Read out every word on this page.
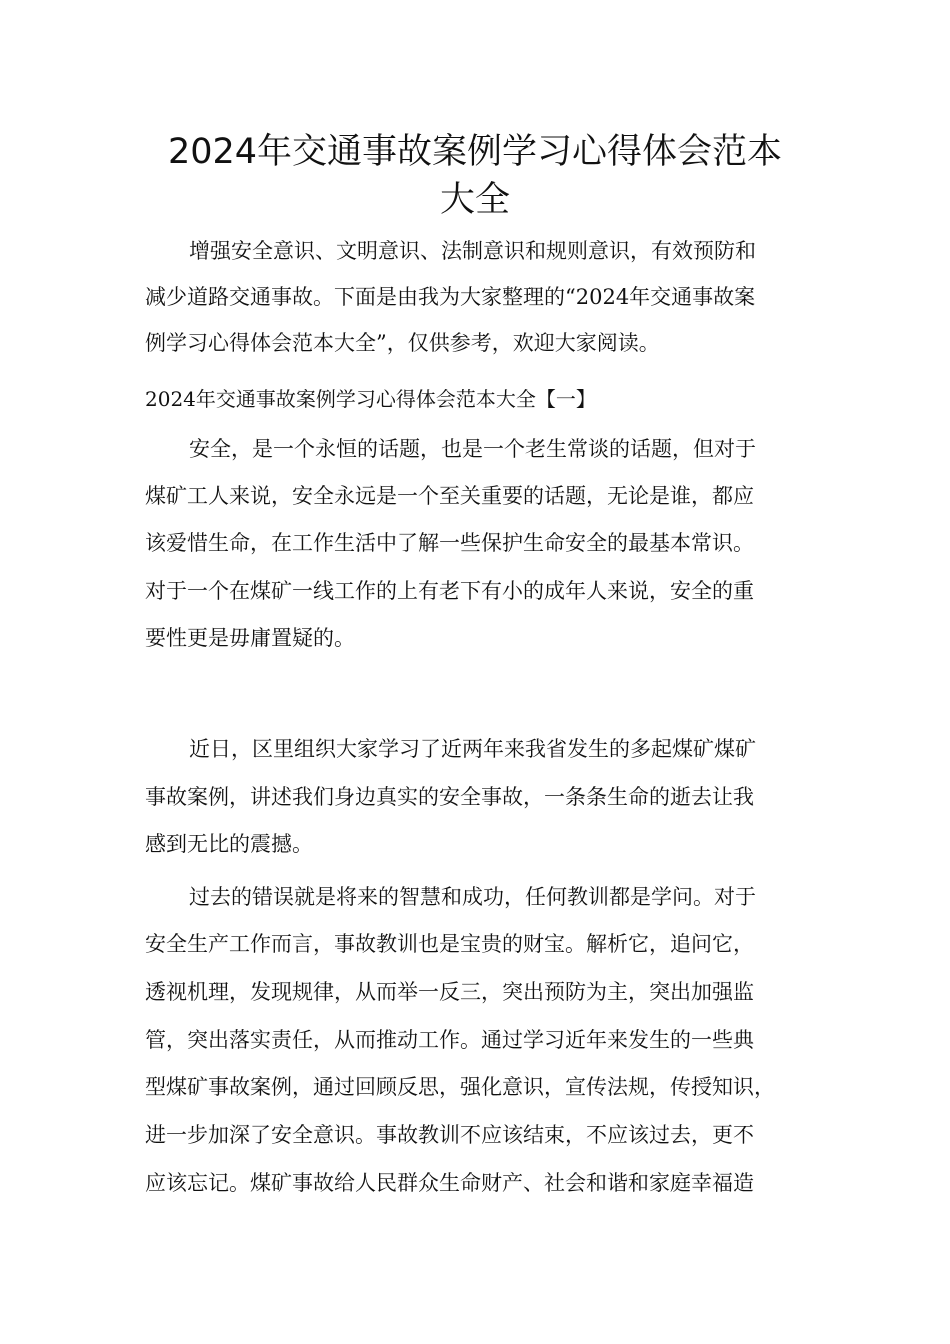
2024年交通事故案例学习心得体会范本
大全

增强安全意识、文明意识、法制意识和规则意识，有效预防和

减少道路交通事故。下面是由我为大家整理的“2024年交通事故案

例学习心得体会范本大全”，仅供参考，欢迎大家阅读。

2024年交通事故案例学习心得体会范本大全【一】

安全，是一个永恒的话题，也是一个老生常谈的话题，但对于

煤矿工人来说，安全永远是一个至关重要的话题，无论是谁，都应

该爱惜生命，在工作生活中了解一些保护生命安全的最基本常识。

对于一个在煤矿一线工作的上有老下有小的成年人来说，安全的重

要性更是毋庸置疑的。

近日，区里组织大家学习了近两年来我省发生的多起煤矿煤矿

事故案例，讲述我们身边真实的安全事故，一条条生命的逝去让我

感到无比的震撼。

过去的错误就是将来的智慧和成功，任何教训都是学问。对于

安全生产工作而言，事故教训也是宝贵的财宝。解析它，追问它，

透视机理，发现规律，从而举一反三，突出预防为主，突出加强监

管，突出落实责任，从而推动工作。通过学习近年来发生的一些典

型煤矿事故案例，通过回顾反思，强化意识，宣传法规，传授知识，

进一步加深了安全意识。事故教训不应该结束，不应该过去，更不

应该忘记。煤矿事故给人民群众生命财产、社会和谐和家庭幸福造
